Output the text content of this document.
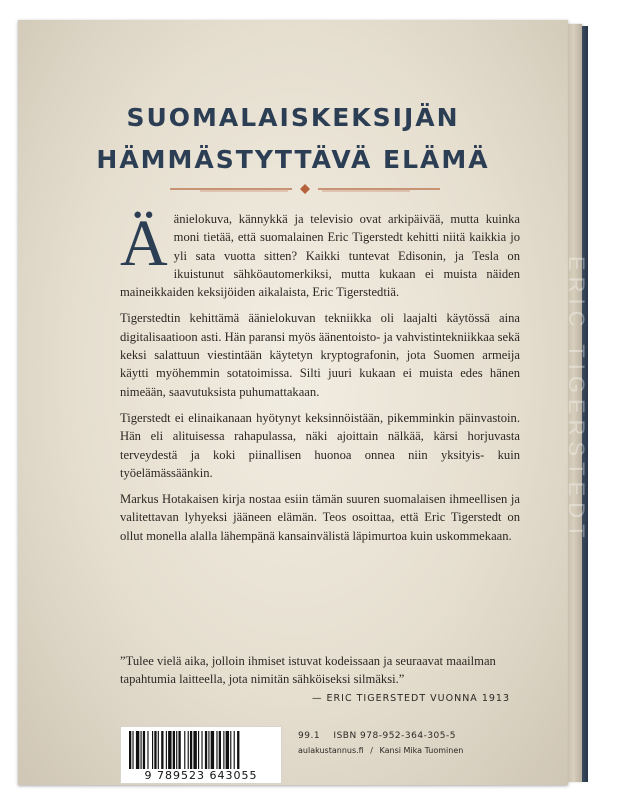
ERIC TIGERSTEDT
SUOMALAISKEKSIJÄN
HÄMMÄSTYTTÄVÄ ELÄMÄ

Äänielokuva, kännykkä ja televisio ovat arkipäivää, mutta kuinka moni tietää, että suomalainen Eric Tigerstedt kehitti niitä kaikkia jo yli sata vuotta sitten? Kaikki tuntevat Edisonin, ja Tesla on ikuistunut sähköautomerkiksi, mutta kukaan ei muista näiden maineikkaiden keksijöiden aikalaista, Eric Tigerstedtiä.

Tigerstedtin kehittämä äänielokuvan tekniikka oli laajalti käytössä aina digitalisaatioon asti. Hän paransi myös äänentoisto- ja vahvistintekniikkaa sekä keksi salattuun viestintään käytetyn kryptografonin, jota Suomen armeija käytti myöhemmin sotatoimissa. Silti juuri kukaan ei muista edes hänen nimeään, saavutuksista puhumattakaan.

Tigerstedt ei elinaikanaan hyötynyt keksinnöistään, pikemminkin päinvastoin. Hän eli alituisessa rahapulassa, näki ajoittain nälkää, kärsi horjuvasta terveydestä ja koki piinallisen huonoa onnea niin yksityis- kuin työelämässäänkin.

Markus Hotakaisen kirja nostaa esiin tämän suuren suomalaisen ihmeellisen ja valitettavan lyhyeksi jääneen elämän. Teos osoittaa, että Eric Tigerstedt on ollut monella alalla lähempänä kansainvälistä läpimurtoa kuin uskommekaan.

”Tulee vielä aika, jolloin ihmiset istuvat kodeissaan ja seuraavat maailman tapahtumia laitteella, jota nimitän sähköiseksi silmäksi.”
— ERIC TIGERSTEDT VUONNA 1913
9 789523 643055
99.1 ISBN 978-952-364-305-5
aulakustannus.fi / Kansi Mika Tuominen
